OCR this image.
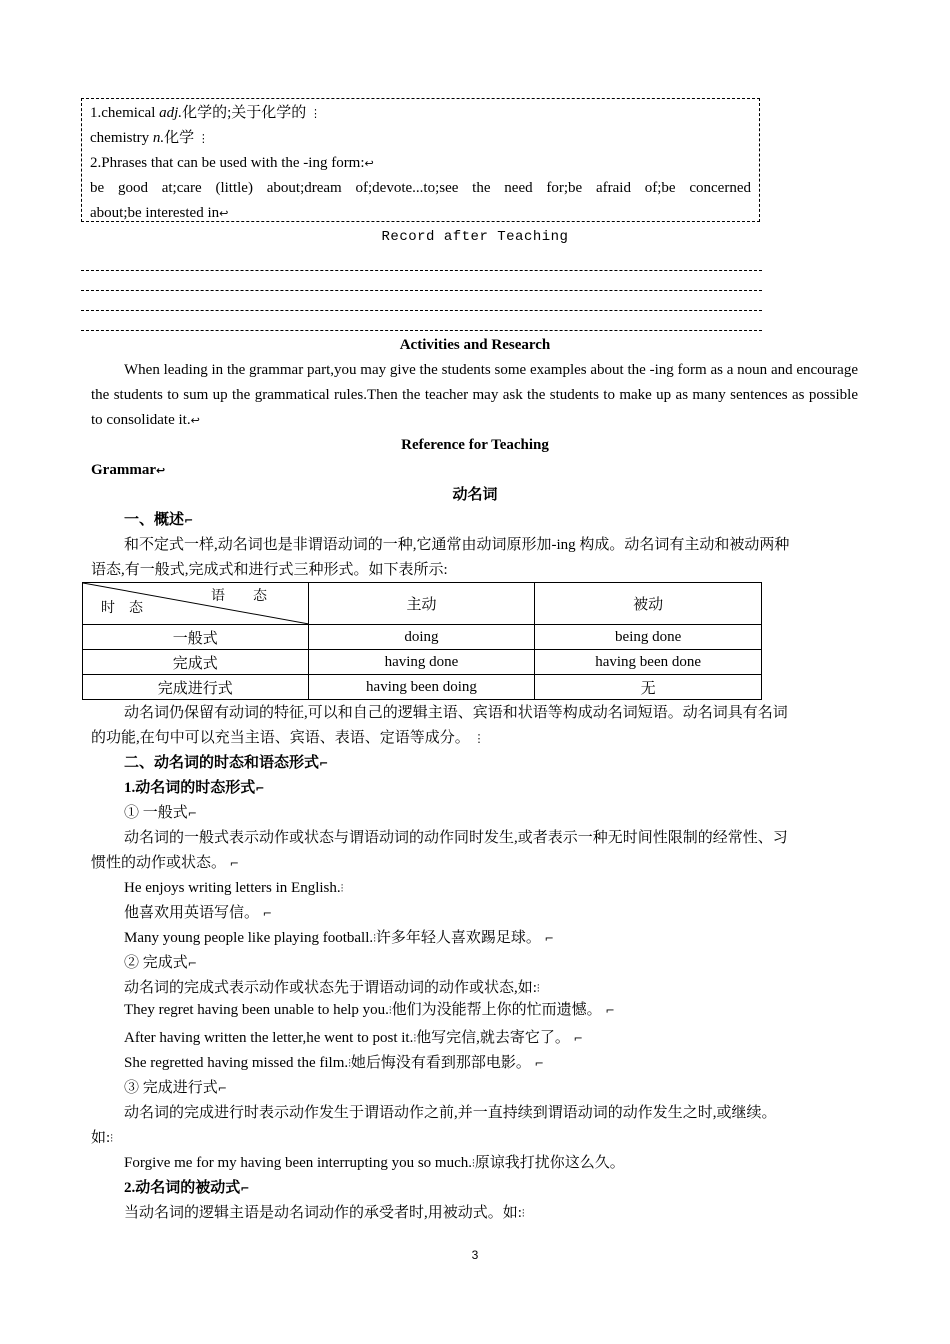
1.chemical adj.化学的;关于化学的 ⋮

chemistry n.化学 ⋮

2.Phrases that can be used with the -ing form:↩

be good at;care (little) about;dream of;devote...to;see the need for;be afraid of;be concerned

about;be interested in↩

Record after Teaching
Activities and Research

When leading in the grammar part,you may give the students some examples about the -ing form as a noun and encourage the students to sum up the grammatical rules.Then the teacher may ask the students to make up as many sentences as possible to consolidate it.↩

Reference for Teaching
Grammar↩
动名词
一、概述⌐
和不定式一样,动名词也是非谓语动词的一种,它通常由动词原形加-ing 构成。动名词有主动和被动两种
语态,有一般式,完成式和进行式三种形式。如下表所示:
语　　态
时　态	主动	被动
一般式	doing	being done
完成式	having done	having been done
完成进行式	having been doing	无
动名词仍保留有动词的特征,可以和自己的逻辑主语、宾语和状语等构成动名词短语。动名词具有名词
的功能,在句中可以充当主语、宾语、表语、定语等成分。 ⋮
二、动名词的时态和语态形式⌐
1.动名词的时态形式⌐
① 一般式⌐
动名词的一般式表示动作或状态与谓语动词的动作同时发生,或者表示一种无时间性限制的经常性、习
惯性的动作或状态。 ⌐
He enjoys writing letters in English.⫶
他喜欢用英语写信。 ⌐
Many young people like playing football.⫶许多年轻人喜欢踢足球。 ⌐
② 完成式⌐
动名词的完成式表示动作或状态先于谓语动词的动作或状态,如:⫶
They regret having been unable to help you.⫶他们为没能帮上你的忙而遗憾。 ⌐
After having written the letter,he went to post it.⫶他写完信,就去寄它了。 ⌐
She regretted having missed the film.⫶她后悔没有看到那部电影。 ⌐
③ 完成进行式⌐
动名词的完成进行时表示动作发生于谓语动作之前,并一直持续到谓语动词的动作发生之时,或继续。
如:⫶
Forgive me for my having been interrupting you so much.⫶原谅我打扰你这么久。
2.动名词的被动式⌐
当动名词的逻辑主语是动名词动作的承受者时,用被动式。如:⫶
3
